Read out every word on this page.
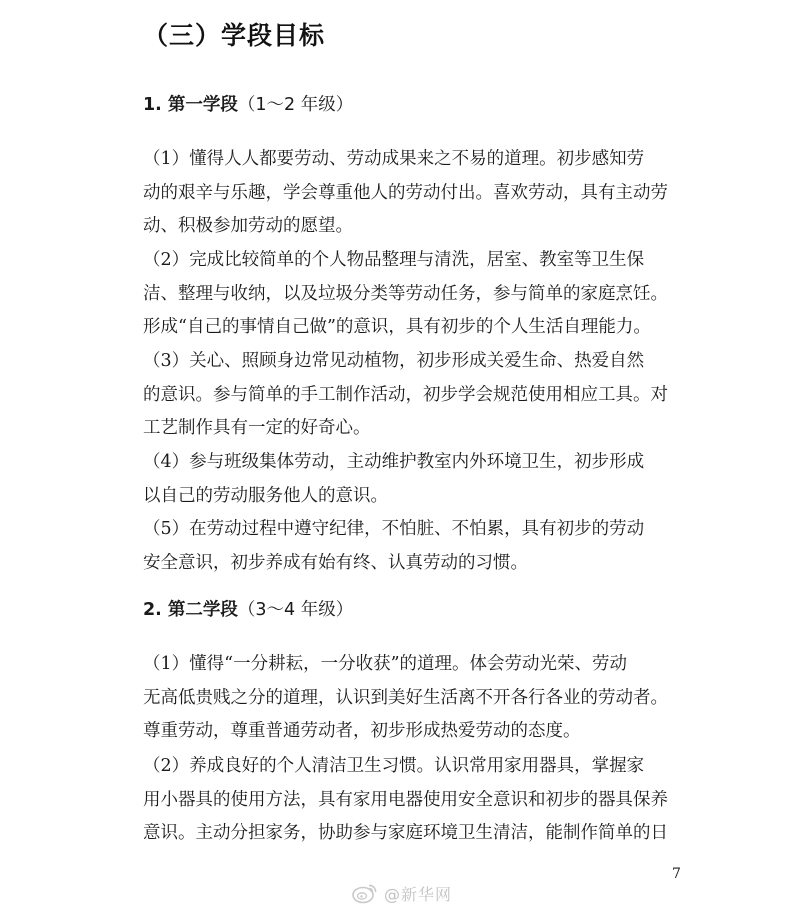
（三）学段目标
1. 第一学段（1～2 年级）
（1）懂得人人都要劳动、劳动成果来之不易的道理。初步感知劳
动的艰辛与乐趣，学会尊重他人的劳动付出。喜欢劳动，具有主动劳
动、积极参加劳动的愿望。
（2）完成比较简单的个人物品整理与清洗，居室、教室等卫生保
洁、整理与收纳，以及垃圾分类等劳动任务，参与简单的家庭烹饪。
形成“自己的事情自己做”的意识，具有初步的个人生活自理能力。
（3）关心、照顾身边常见动植物，初步形成关爱生命、热爱自然
的意识。参与简单的手工制作活动，初步学会规范使用相应工具。对
工艺制作具有一定的好奇心。
（4）参与班级集体劳动，主动维护教室内外环境卫生，初步形成
以自己的劳动服务他人的意识。
（5）在劳动过程中遵守纪律，不怕脏、不怕累，具有初步的劳动
安全意识，初步养成有始有终、认真劳动的习惯。
2. 第二学段（3～4 年级）
（1）懂得“一分耕耘，一分收获”的道理。体会劳动光荣、劳动
无高低贵贱之分的道理，认识到美好生活离不开各行各业的劳动者。
尊重劳动，尊重普通劳动者，初步形成热爱劳动的态度。
（2）养成良好的个人清洁卫生习惯。认识常用家用器具，掌握家
用小器具的使用方法，具有家用电器使用安全意识和初步的器具保养
意识。主动分担家务，协助参与家庭环境卫生清洁，能制作简单的日
7
@新华网
